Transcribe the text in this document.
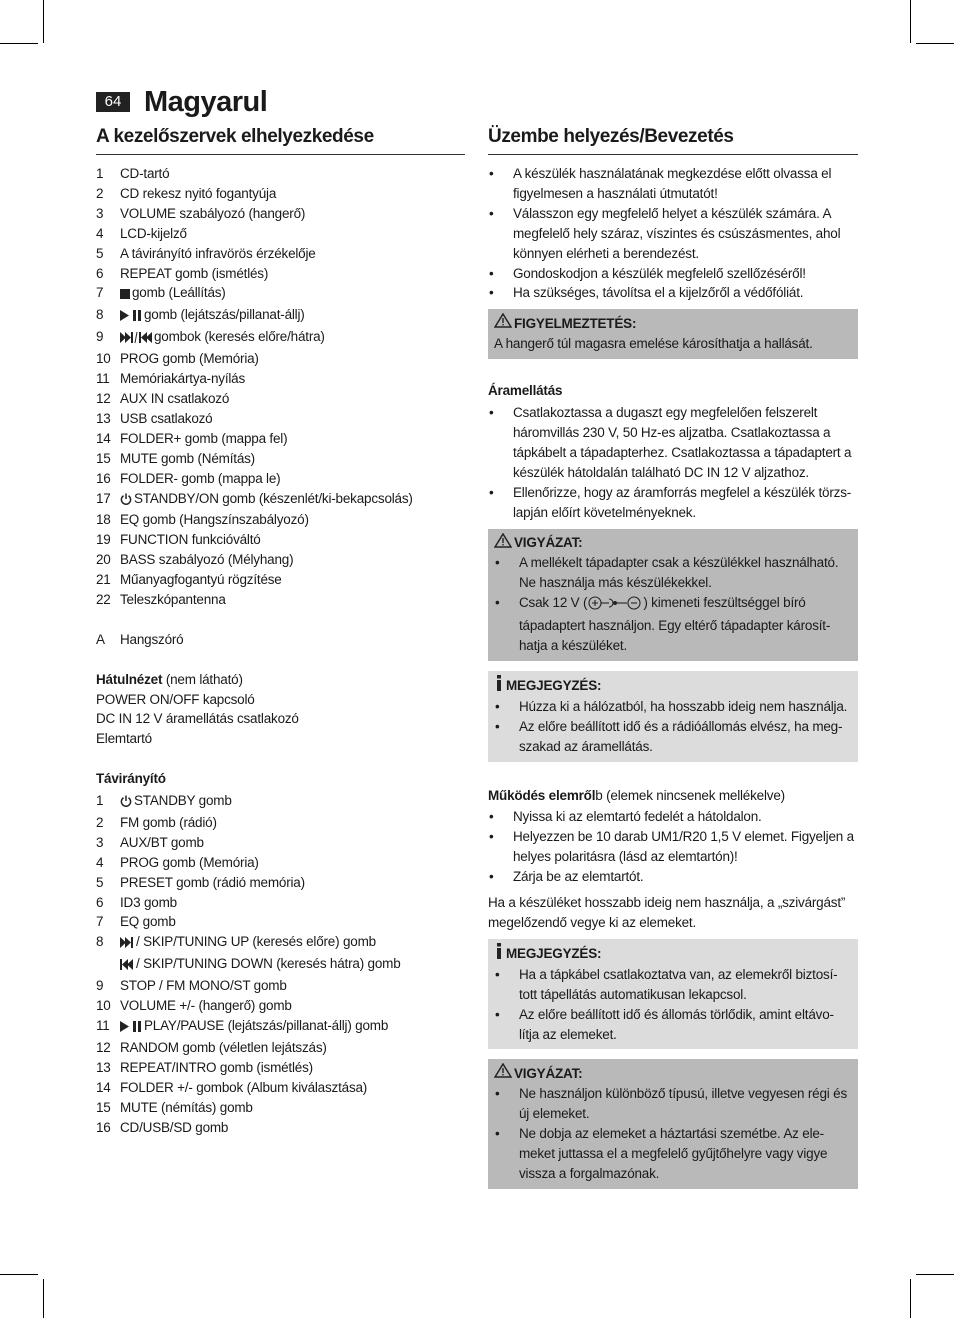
64 Magyarul
A kezelőszervek elhelyezkedése
1	CD-tartó
2	CD rekesz nyitó fogantyúja
3	VOLUME szabályozó (hangerő)
4	LCD-kijelző
5	A távirányító infravörös érzékelője
6	REPEAT gomb (ismétlés)
7	gomb (Leállítás)
8	gomb (lejátszás/pillanat-állj)
9	gombok (keresés előre/hátra)
10 PROG gomb (Memória)
11 Memóriakártya-nyílás
12 AUX IN csatlakozó
13 USB csatlakozó
14 FOLDER+ gomb (mappa fel)
15 MUTE gomb (Némítás)
16 FOLDER- gomb (mappa le)
17	STANDBY/ON gomb (készenlét/ki-bekapcsolás)
18 EQ gomb (Hangszínszabályozó)
19 FUNCTION funkcióváltó
20 BASS szabályozó (Mélyhang)
21 Műanyagfogantyú rögzítése
22 Teleszkópantenna
A	Hangszóró
Hátulnézet (nem látható)
POWER ON/OFF kapcsoló
DC IN 12 V áramellátás csatlakozó
Elemtartó
Távirányító
1	STANDBY gomb
2	FM gomb (rádió)
3	AUX/BT gomb
4	PROG gomb (Memória)
5	PRESET gomb (rádió memória)
6	ID3 gomb
7	EQ gomb
8	/ SKIP/TUNING UP (keresés előre) gomb
/ SKIP/TUNING DOWN (keresés hátra) gomb
9	STOP / FM MONO/ST gomb
10 VOLUME +/- (hangerő) gomb
11	PLAY/PAUSE (lejátszás/pillanat-állj) gomb
12 RANDOM gomb (véletlen lejátszás)
13 REPEAT/INTRO gomb (ismétlés)
14 FOLDER +/- gombok (Album kiválasztása)
15 MUTE (némítás) gomb
16 CD/USB/SD gomb
Üzembe helyezés/Bevezetés
•	A készülék használatának megkezdése előtt olvassa el figyelmesen a használati útmutatót!
•	Válasszon egy megfelelő helyet a készülék számára. A megfelelő hely száraz, víszintes és csúszásmentes, ahol könnyen elérheti a berendezést.
•	Gondoskodjon a készülék megfelelő szellőzéséről!
•	Ha szükséges, távolítsa el a kijelzőről a védőfóliát.
FIGYELMEZTETÉS:
A hangerő túl magasra emelése károsíthatja a hallását.
Áramellátás
•	Csatlakoztassa a dugaszt egy megfelelően felszerelt háromvillás 230 V, 50 Hz-es aljzatba. Csatlakoztassa a tápkábelt a tápadapterhez. Csatlakoztassa a tápadaptert a készülék hátoldalán található DC IN 12 V aljzathoz.
•	Ellenőrizze, hogy az áramforrás megfelel a készülék törzs-lapján előírt követelményeknek.
VIGYÁZAT:
•	A mellékelt tápadapter csak a készülékkel használható. Ne használja más készülékekkel.
•	Csak 12 V (	) kimeneti feszültséggel bíró tápadaptert használjon. Egy eltérő tápadapter károsít-hatja a készüléket.
MEGJEGYZÉS:
•	Húzza ki a hálózatból, ha hosszabb ideig nem használja.
•	Az előre beállított idő és a rádióállomás elvész, ha meg-szakad az áramellátás.
Működés elemrőlb (elemek nincsenek mellékelve)
•	Nyissa ki az elemtartó fedelét a hátoldalon.
•	Helyezzen be 10 darab UM1/R20 1,5 V elemet. Figyeljen a helyes polaritásra (lásd az elemtartón)!
•	Zárja be az elemtartót.

Ha a készüléket hosszabb ideig nem használja, a „szivárgást” megelőzendő vegye ki az elemeket.

MEGJEGYZÉS:
•	Ha a tápkábel csatlakoztatva van, az elemekről biztosí-tott tápellátás automatikusan lekapcsol.
•	Az előre beállított idő és állomás törlődik, amint eltávo-lítja az elemeket.
VIGYÁZAT:
•	Ne használjon különböző típusú, illetve vegyesen régi és új elemeket.
•	Ne dobja az elemeket a háztartási szemétbe. Az ele-meket juttassa el a megfelelő gyűjtőhelyre vagy vigye vissza a forgalmazónak.
